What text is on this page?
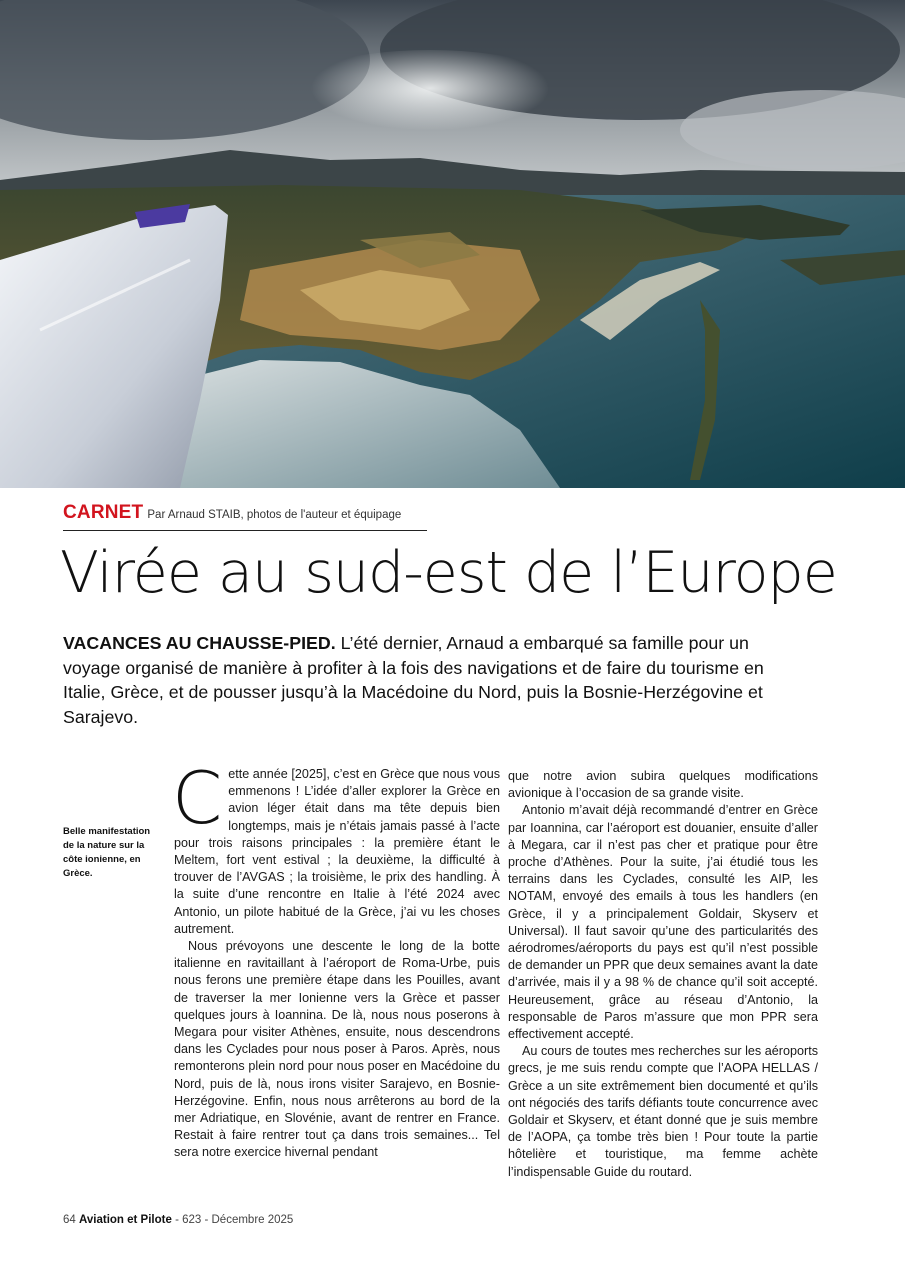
CARNET Par Arnaud STAIB, photos de l'auteur et équipage
Virée au sud-est de l’Europe

VACANCES AU CHAUSSE-PIED. L’été dernier, Arnaud a embarqué sa famille pour un voyage organisé de manière à profiter à la fois des navigations et de faire du tourisme en Italie, Grèce, et de pousser jusqu’à la Macédoine du Nord, puis la Bosnie-Herzégovine et Sarajevo.

Belle manifestation de la nature sur la côte ionienne, en Grèce.

Cette année [2025], c’est en Grèce que nous vous emmenons ! L’idée d’aller explorer la Grèce en avion léger était dans ma tête depuis bien longtemps, mais je n’étais jamais passé à l’acte pour trois raisons principales : la première étant le Meltem, fort vent estival ; la deuxième, la difficulté à trouver de l’AVGAS ; la troisième, le prix des handling. À la suite d’une rencontre en Italie à l’été 2024 avec Antonio, un pilote habitué de la Grèce, j’ai vu les choses autrement.

Nous prévoyons une descente le long de la botte italienne en ravitaillant à l’aéroport de Roma-Urbe, puis nous ferons une première étape dans les Pouilles, avant de traverser la mer Ionienne vers la Grèce et passer quelques jours à Ioannina. De là, nous nous poserons à Megara pour visiter Athènes, ensuite, nous descendrons dans les Cyclades pour nous poser à Paros. Après, nous remonterons plein nord pour nous poser en Macédoine du Nord, puis de là, nous irons visiter Sarajevo, en Bosnie-Herzégovine. Enfin, nous nous arrêterons au bord de la mer Adriatique, en Slovénie, avant de rentrer en France. Restait à faire rentrer tout ça dans trois semaines... Tel sera notre exercice hivernal pendant

que notre avion subira quelques modifications avionique à l’occasion de sa grande visite.

Antonio m’avait déjà recommandé d’entrer en Grèce par Ioannina, car l’aéroport est douanier, ensuite d’aller à Megara, car il n’est pas cher et pratique pour être proche d’Athènes. Pour la suite, j’ai étudié tous les terrains dans les Cyclades, consulté les AIP, les NOTAM, envoyé des emails à tous les handlers (en Grèce, il y a principalement Goldair, Skyserv et Universal). Il faut savoir qu’une des particularités des aérodromes/aéroports du pays est qu’il n’est possible de demander un PPR que deux semaines avant la date d’arrivée, mais il y a 98 % de chance qu’il soit accepté. Heureusement, grâce au réseau d’Antonio, la responsable de Paros m’assure que mon PPR sera effectivement accepté.

Au cours de toutes mes recherches sur les aéroports grecs, je me suis rendu compte que l’AOPA HELLAS / Grèce a un site extrêmement bien documenté et qu’ils ont négociés des tarifs défiants toute concurrence avec Goldair et Skyserv, et étant donné que je suis membre de l’AOPA, ça tombe très bien ! Pour toute la partie hôtelière et touristique, ma femme achète l’indispensable Guide du routard.

64 Aviation et Pilote - 623 - Décembre 2025
